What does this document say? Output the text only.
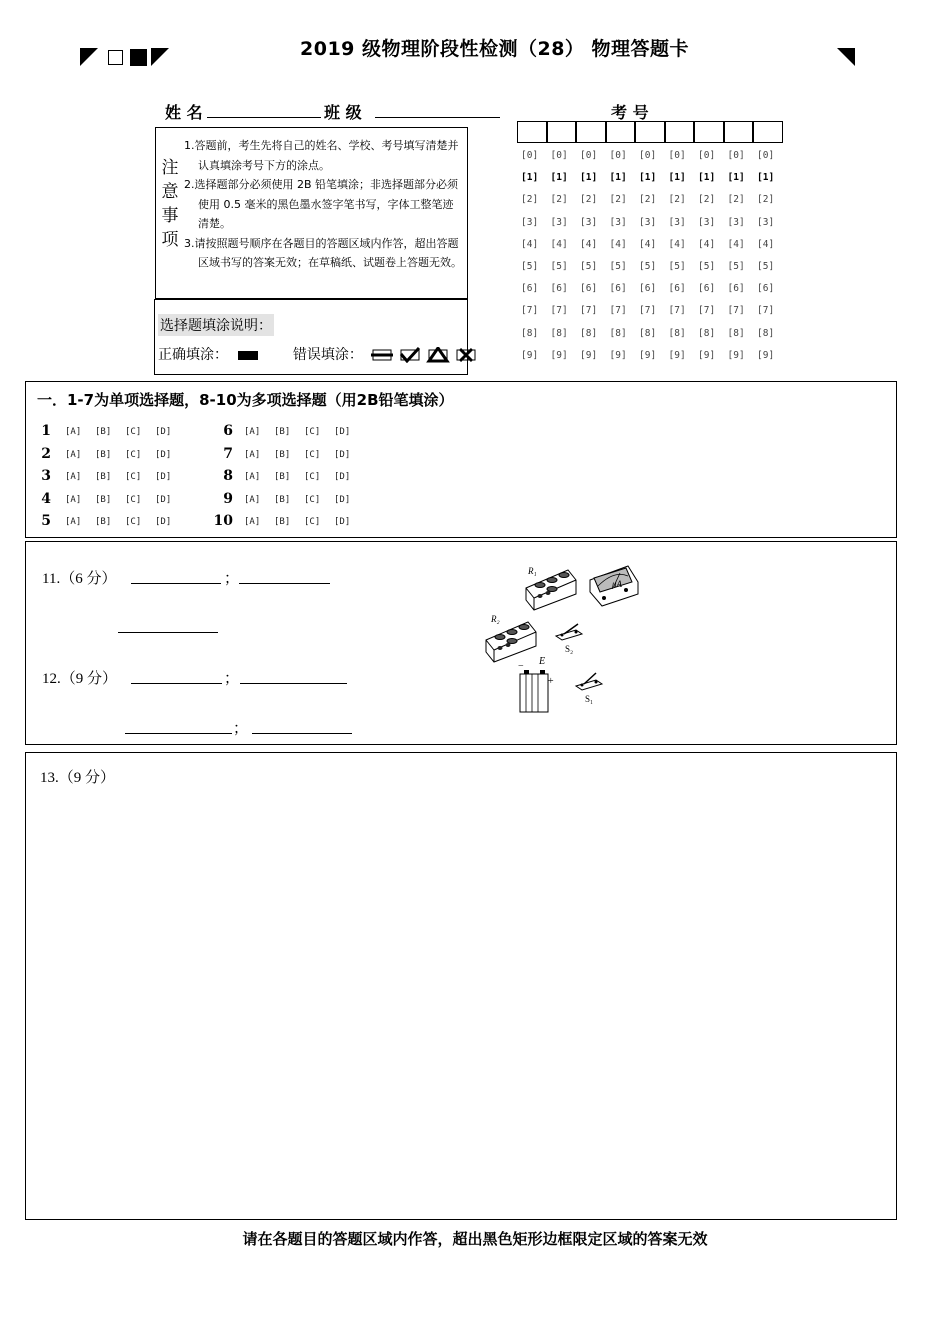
2019 级物理阶段性检测（28） 物理答题卡
姓 名	班 级	考 号
注
意
事
项
1.答题前，考生先将自己的姓名、学校、考号填写清楚并认真填涂考号下方的涂点。
2.选择题部分必须使用 2B 铅笔填涂；非选择题部分必须使用 0.5 毫米的黑色墨水签字笔书写，字体工整笔迹清楚。
3.请按照题号顺序在各题目的答题区域内作答，超出答题区域书写的答案无效；在草稿纸、试题卷上答题无效。
选择题填涂说明：
正确填涂：	错误填涂：
[0] [0] [0] [0] [0] [0] [0] [0] [0]
[1] [1] [1] [1] [1] [1] [1] [1] [1]
[2] [2] [2] [2] [2] [2] [2] [2] [2]
[3] [3] [3] [3] [3] [3] [3] [3] [3]
[4] [4] [4] [4] [4] [4] [4] [4] [4]
[5] [5] [5] [5] [5] [5] [5] [5] [5]
[6] [6] [6] [6] [6] [6] [6] [6] [6]
[7] [7] [7] [7] [7] [7] [7] [7] [7]
[8] [8] [8] [8] [8] [8] [8] [8] [8]
[9] [9] [9] [9] [9] [9] [9] [9] [9]
一．1-7为单项选择题，8-10为多项选择题（用2B铅笔填涂）
1 [A] [B] [C] [D]
2 [A] [B] [C] [D]
3 [A] [B] [C] [D]
4 [A] [B] [C] [D]
5 [A] [B] [C] [D]
6 [A] [B] [C] [D]
7 [A] [B] [C] [D]
8 [A] [B] [C] [D]
9 [A] [B] [C] [D]
10 [A] [B] [C] [D]
11.（6 分）	；
12.（9 分）	；
；
R₁
μA
R₂
S₂
E
−
+
S₁
13.（9 分）
请在各题目的答题区域内作答，超出黑色矩形边框限定区域的答案无效
